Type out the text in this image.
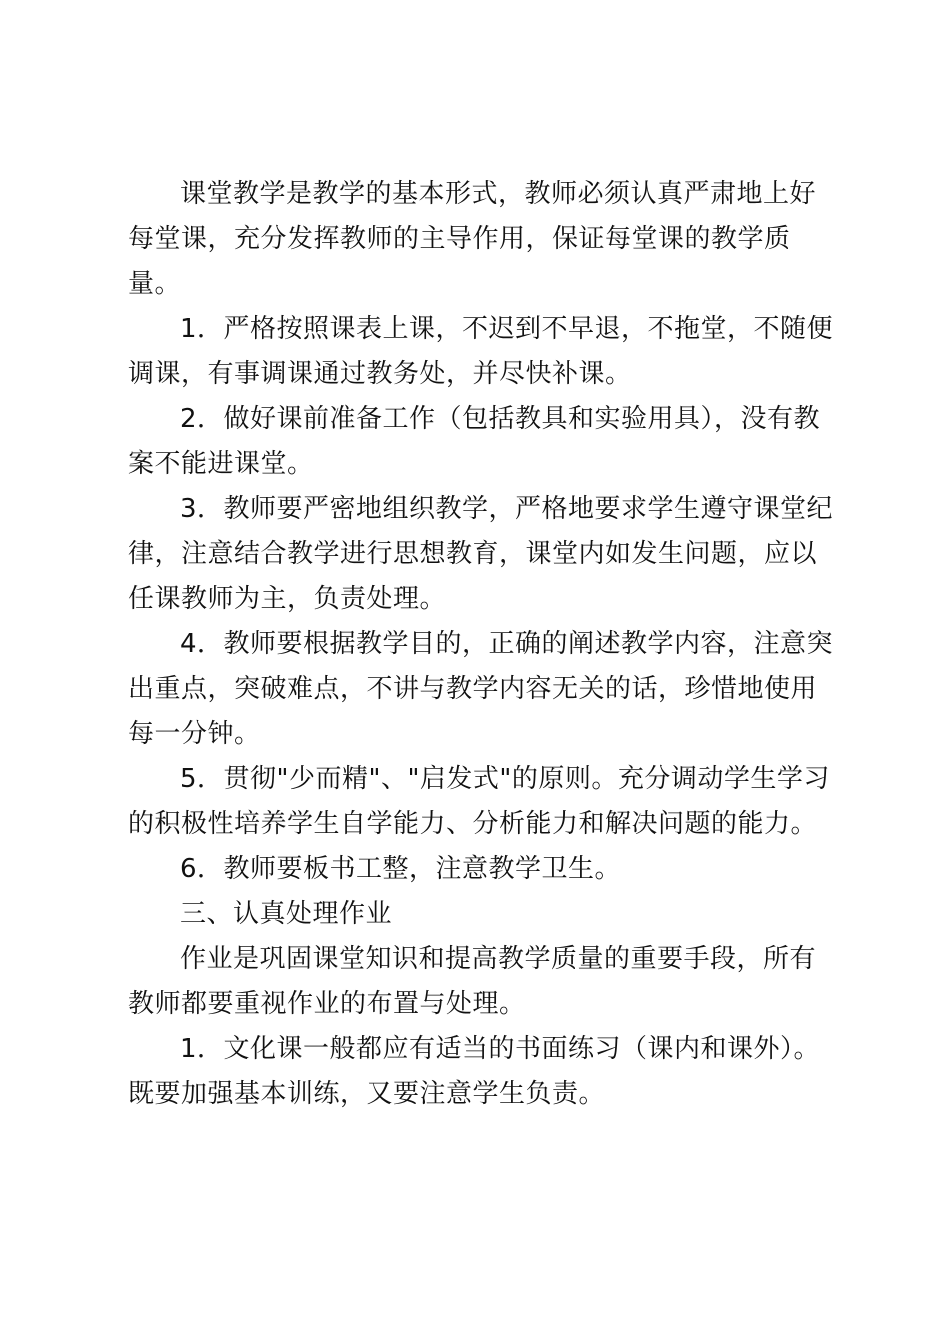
课堂教学是教学的基本形式，教师必须认真严肃地上好每堂课，充分发挥教师的主导作用，保证每堂课的教学质量。

1．严格按照课表上课，不迟到不早退，不拖堂，不随便调课，有事调课通过教务处，并尽快补课。

2．做好课前准备工作（包括教具和实验用具），没有教案不能进课堂。

3．教师要严密地组织教学，严格地要求学生遵守课堂纪律，注意结合教学进行思想教育，课堂内如发生问题，应以任课教师为主，负责处理。

4．教师要根据教学目的，正确的阐述教学内容，注意突出重点，突破难点，不讲与教学内容无关的话，珍惜地使用每一分钟。

5．贯彻"少而精"、"启发式"的原则。充分调动学生学习的积极性培养学生自学能力、分析能力和解决问题的能力。

6．教师要板书工整，注意教学卫生。

三、认真处理作业

作业是巩固课堂知识和提高教学质量的重要手段，所有教师都要重视作业的布置与处理。

1．文化课一般都应有适当的书面练习（课内和课外）。既要加强基本训练，又要注意学生负责。
